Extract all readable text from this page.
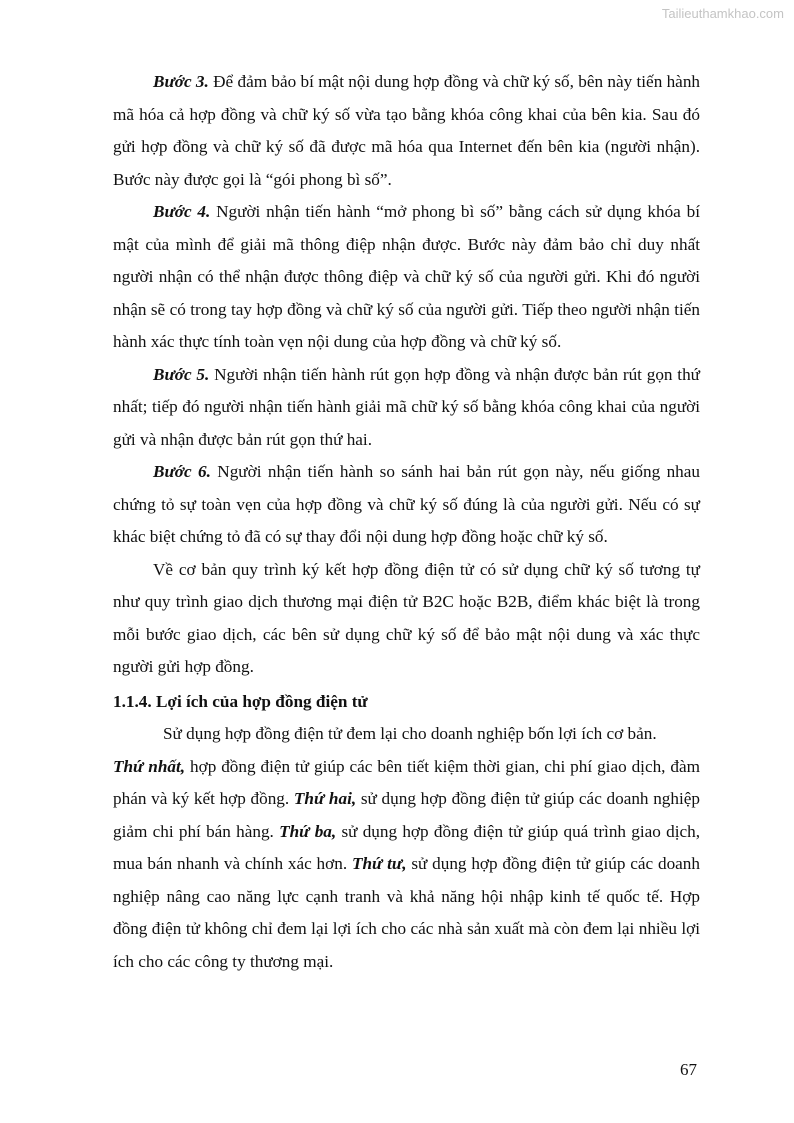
Tailieuthamkhao.com

Bước 3. Để đảm bảo bí mật nội dung hợp đồng và chữ ký số, bên này tiến hành mã hóa cả hợp đồng và chữ ký số vừa tạo bằng khóa công khai của bên kia. Sau đó gửi hợp đồng và chữ ký số đã được mã hóa qua Internet đến bên kia (người nhận). Bước này được gọi là “gói phong bì số”.

Bước 4. Người nhận tiến hành “mở phong bì số” bằng cách sử dụng khóa bí mật của mình để giải mã thông điệp nhận được. Bước này đảm bảo chỉ duy nhất người nhận có thể nhận được thông điệp và chữ ký số của người gửi. Khi đó người nhận sẽ có trong tay hợp đồng và chữ ký số của người gửi. Tiếp theo người nhận tiến hành xác thực tính toàn vẹn nội dung của hợp đồng và chữ ký số.

Bước 5. Người nhận tiến hành rút gọn hợp đồng và nhận được bản rút gọn thứ nhất; tiếp đó người nhận tiến hành giải mã chữ ký số bằng khóa công khai của người gửi và nhận được bản rút gọn thứ hai.

Bước 6. Người nhận tiến hành so sánh hai bản rút gọn này, nếu giống nhau chứng tỏ sự toàn vẹn của hợp đồng và chữ ký số đúng là của người gửi. Nếu có sự khác biệt chứng tỏ đã có sự thay đổi nội dung hợp đồng hoặc chữ ký số.

Về cơ bản quy trình ký kết hợp đồng điện tử có sử dụng chữ ký số tương tự như quy trình giao dịch thương mại điện tử B2C hoặc B2B, điểm khác biệt là trong mỗi bước giao dịch, các bên sử dụng chữ ký số để bảo mật nội dung và xác thực người gửi hợp đồng.

1.1.4. Lợi ích của hợp đồng điện tử

Sử dụng hợp đồng điện tử đem lại cho doanh nghiệp bốn lợi ích cơ bản.

Thứ nhất, hợp đồng điện tử giúp các bên tiết kiệm thời gian, chi phí giao dịch, đàm phán và ký kết hợp đồng. Thứ hai, sử dụng hợp đồng điện tử giúp các doanh nghiệp giảm chi phí bán hàng. Thứ ba, sử dụng hợp đồng điện tử giúp quá trình giao dịch, mua bán nhanh và chính xác hơn. Thứ tư, sử dụng hợp đồng điện tử giúp các doanh nghiệp nâng cao năng lực cạnh tranh và khả năng hội nhập kinh tế quốc tế. Hợp đồng điện tử không chỉ đem lại lợi ích cho các nhà sản xuất mà còn đem lại nhiều lợi ích cho các công ty thương mại.

67
